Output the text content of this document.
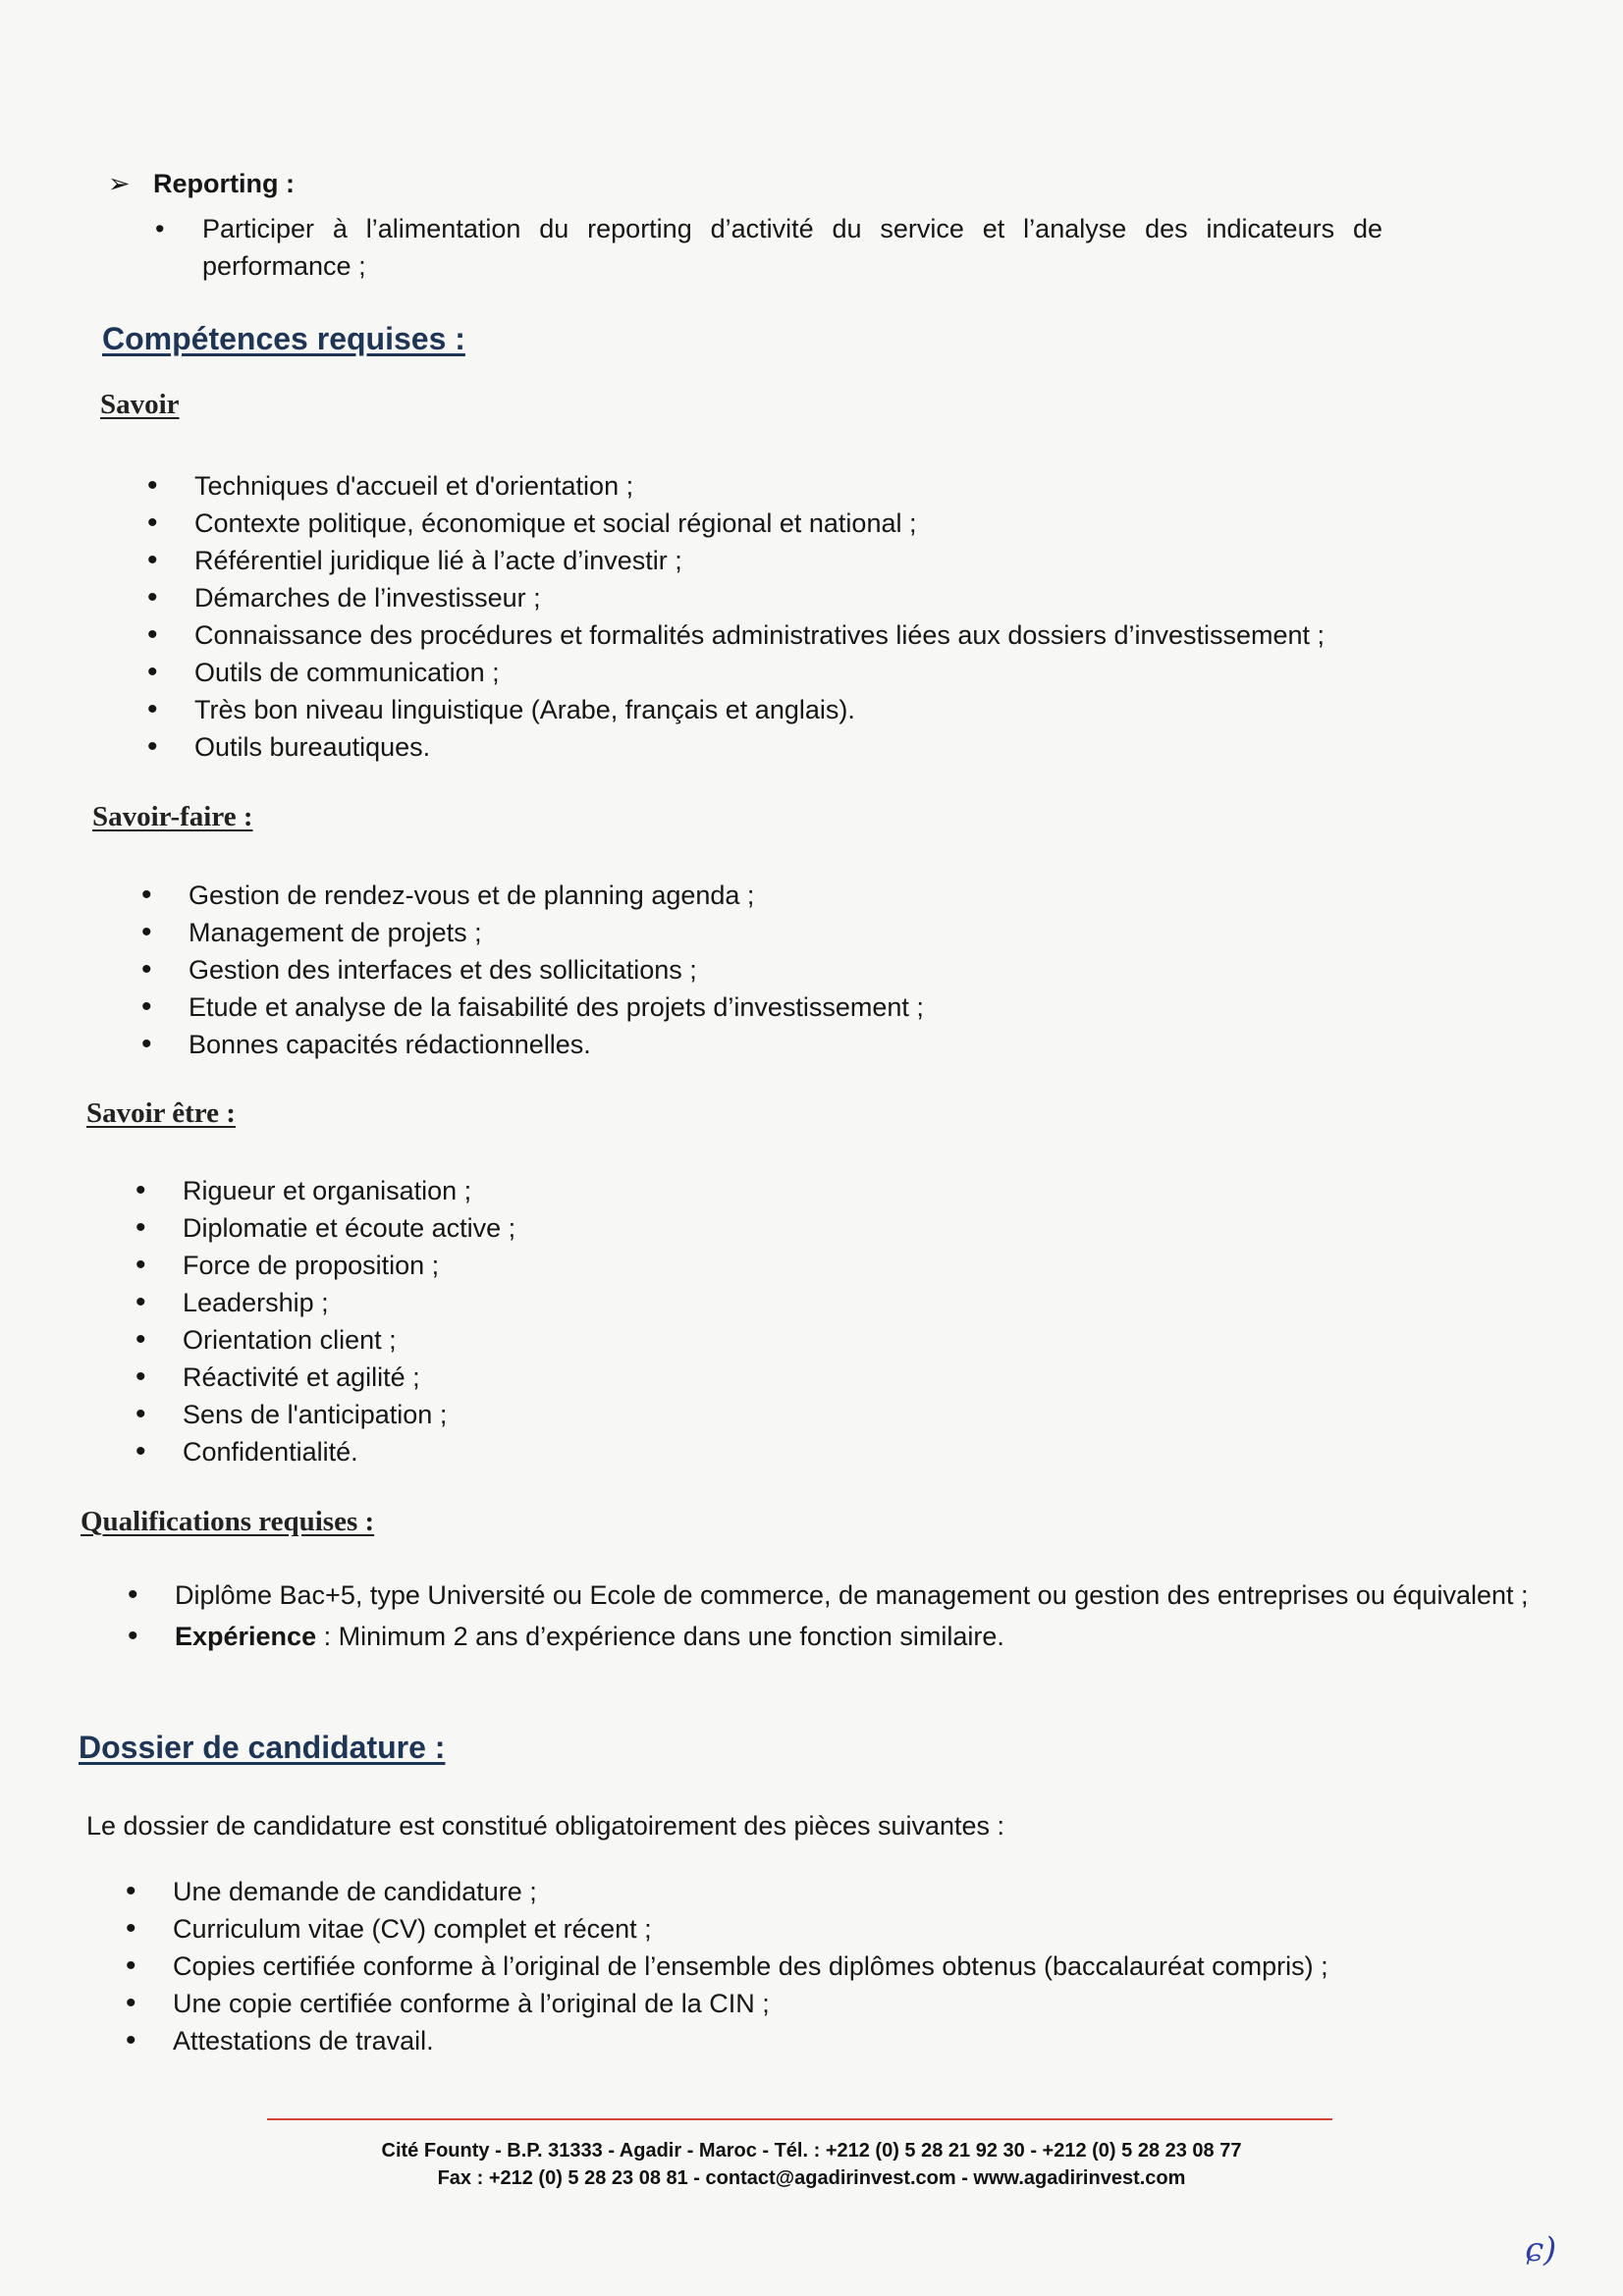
➢ Reporting :
• Participer à l’alimentation du reporting d’activité du service et l’analyse des indicateurs de performance ;
Compétences requises :
Savoir
• Techniques d'accueil et d'orientation ;
• Contexte politique, économique et social régional et national ;
• Référentiel juridique lié à l’acte d’investir ;
• Démarches de l’investisseur ;
• Connaissance des procédures et formalités administratives liées aux dossiers d’investissement ;
• Outils de communication ;
• Très bon niveau linguistique (Arabe, français et anglais).
• Outils bureautiques.
Savoir-faire :
• Gestion de rendez-vous et de planning agenda ;
• Management de projets ;
• Gestion des interfaces et des sollicitations ;
• Etude et analyse de la faisabilité des projets d’investissement ;
• Bonnes capacités rédactionnelles.
Savoir être :
• Rigueur et organisation ;
• Diplomatie et écoute active ;
• Force de proposition ;
• Leadership ;
• Orientation client ;
• Réactivité et agilité ;
• Sens de l'anticipation ;
• Confidentialité.
Qualifications requises :
• Diplôme Bac+5, type Université ou Ecole de commerce, de management ou gestion des entreprises ou équivalent ;
• Expérience : Minimum 2 ans d’expérience dans une fonction similaire.
Dossier de candidature :
Le dossier de candidature est constitué obligatoirement des pièces suivantes :
• Une demande de candidature ;
• Curriculum vitae (CV) complet et récent ;
• Copies certifiée conforme à l’original de l’ensemble des diplômes obtenus (baccalauréat compris) ;
• Une copie certifiée conforme à l’original de la CIN ;
• Attestations de travail.
Cité Founty - B.P. 31333 - Agadir - Maroc - Tél. : +212 (0) 5 28 21 92 30 - +212 (0) 5 28 23 08 77
Fax : +212 (0) 5 28 23 08 81 - contact@agadirinvest.com - www.agadirinvest.com
ɕ)
